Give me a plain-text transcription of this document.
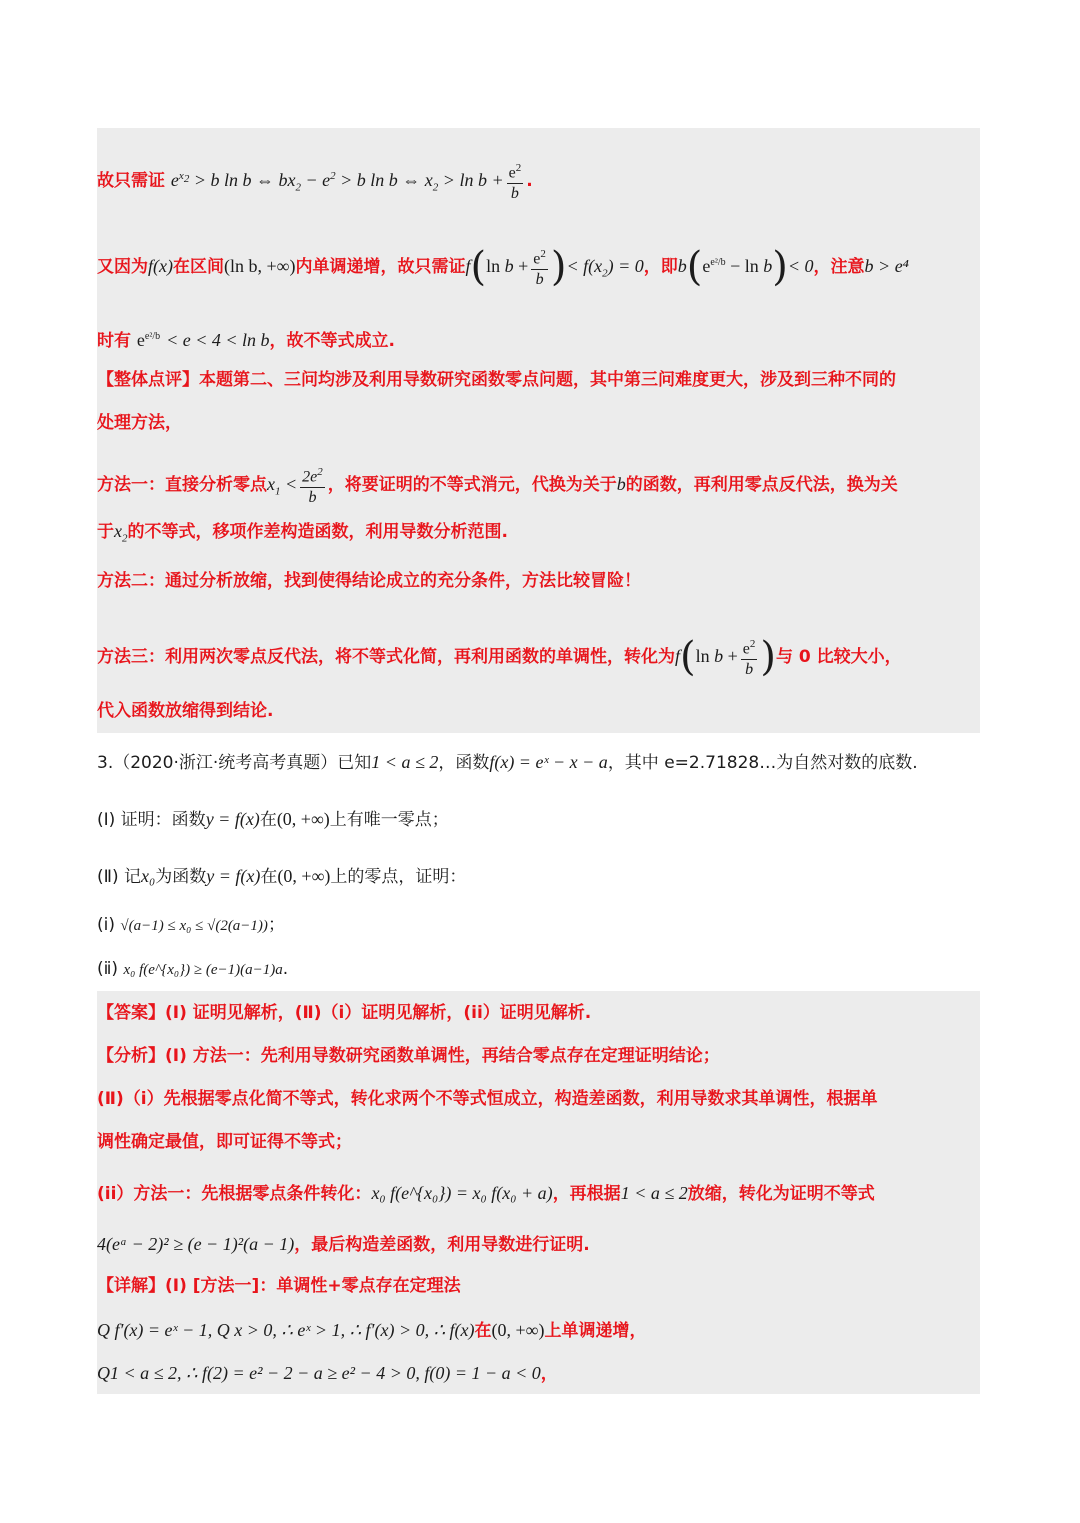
故只需证 $e^{x_2} > b$ ln b ⇔ $bx_2 - e^2 > b$ ln b ⇔ $x_2 > \ln b + \frac{e^2}{b}$ .
又因为f(x)在区间(ln b, +∞)内单调递增，故只需证f(ln $b + \frac{e^2}{b}$ )< $f(x_2) = 0$，即$b(e^{e^2/b} - \ln b)< 0$，注意b > e⁴
时有 $e^{e^2/b} < e < 4 < \ln b$，故不等式成立.
【整体点评】本题第二、三问均涉及利用导数研究函数零点问题，其中第三问难度更大，涉及到三种不同的
处理方法，
方法一：直接分析零点$x_1 < \frac{2e^2}{b}$ ，将要证明的不等式消元，代换为关于b的函数，再利用零点反代法，换为关
于$x_2$的不等式，移项作差构造函数，利用导数分析范围.
方法二：通过分析放缩，找到使得结论成立的充分条件，方法比较冒险！
方法三：利用两次零点反代法，将不等式化简，再利用函数的单调性，转化为f(ln $b + \frac{e^2}{b}$ )与 0 比较大小，
代入函数放缩得到结论.
3.（2020·浙江·统考高考真题）已知1 < a ≤ 2，函数f(x) = eˣ − x − a，其中 e=2.71828…为自然对数的底数.
(Ⅰ) 证明：函数y = f(x)在(0, +∞)上有唯一零点；
(Ⅱ) 记x₀为函数y = f(x)在(0, +∞)上的零点，证明：
(ⅰ) √(a−1) ≤ x₀ ≤ √(2(a−1))；
(ⅱ) x₀ f(e^{x₀}) ≥ (e−1)(a−1)a.
【答案】(Ⅰ) 证明见解析，(Ⅱ)（i）证明见解析，(ii）证明见解析.
【分析】(Ⅰ) 方法一：先利用导数研究函数单调性，再结合零点存在定理证明结论；
(Ⅱ)（i）先根据零点化简不等式，转化求两个不等式恒成立，构造差函数，利用导数求其单调性，根据单
调性确定最值，即可证得不等式；
(ii）方法一：先根据零点条件转化：x₀ f(e^{x₀}) = x₀ f(x₀ + a)，再根据1 < a ≤ 2放缩，转化为证明不等式
4(eᵃ − 2)² ≥ (e − 1)²(a − 1)，最后构造差函数，利用导数进行证明.
【详解】(Ⅰ) [方法一]：单调性+零点存在定理法
Q f′(x) = eˣ − 1, Q x > 0, ∴ eˣ > 1, ∴ f′(x) > 0, ∴ f(x)在(0, +∞)上单调递增，
Q1 < a ≤ 2, ∴ f(2) = e² − 2 − a ≥ e² − 4 > 0, f(0) = 1 − a < 0，
